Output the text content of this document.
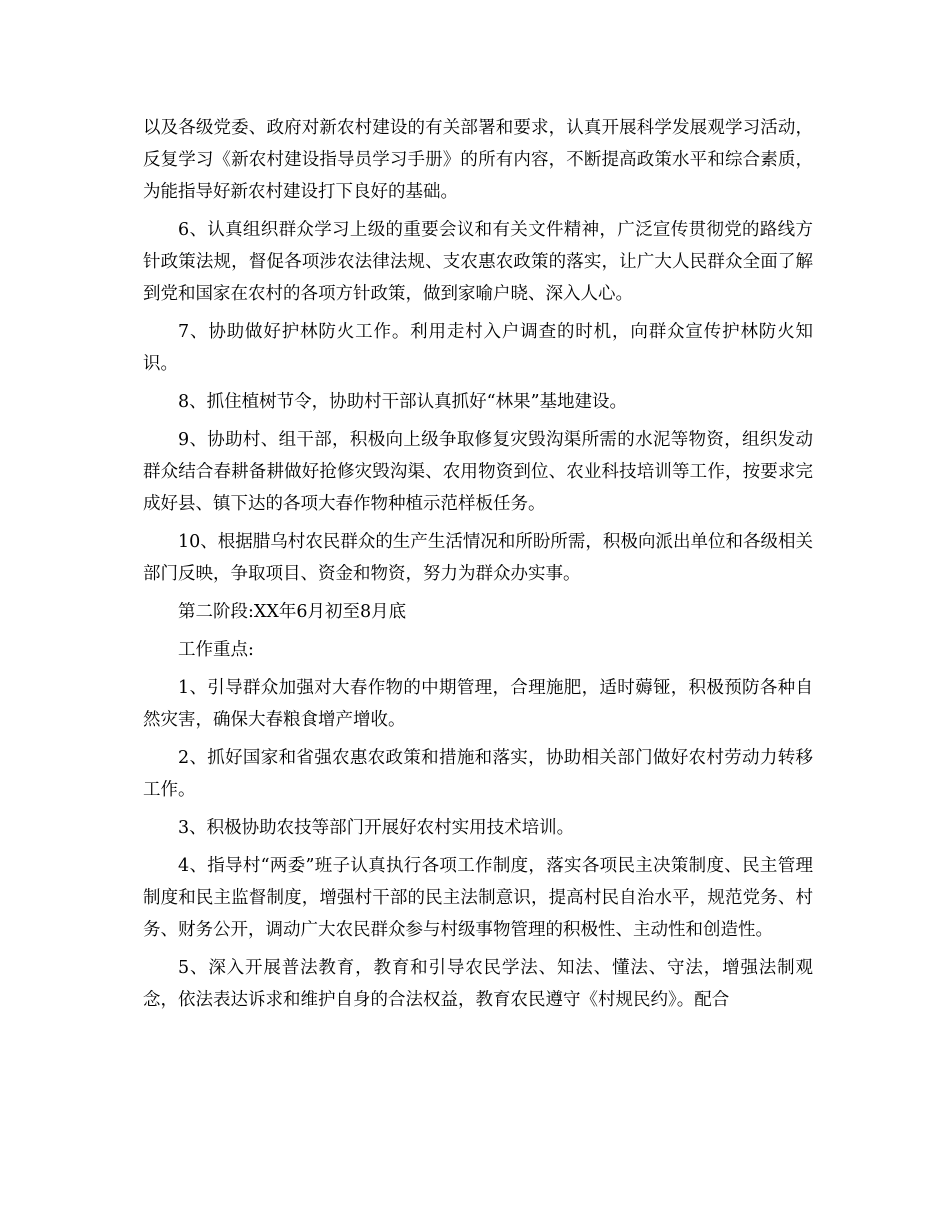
以及各级党委、政府对新农村建设的有关部署和要求，认真开展科学发展观学习活动，反复学习《新农村建设指导员学习手册》的所有内容，不断提高政策水平和综合素质，为能指导好新农村建设打下良好的基础。

6、认真组织群众学习上级的重要会议和有关文件精神，广泛宣传贯彻党的路线方针政策法规，督促各项涉农法律法规、支农惠农政策的落实，让广大人民群众全面了解到党和国家在农村的各项方针政策，做到家喻户晓、深入人心。

7、协助做好护林防火工作。利用走村入户调查的时机，向群众宣传护林防火知识。

8、抓住植树节令，协助村干部认真抓好“林果”基地建设。

9、协助村、组干部，积极向上级争取修复灾毁沟渠所需的水泥等物资，组织发动群众结合春耕备耕做好抢修灾毁沟渠、农用物资到位、农业科技培训等工作，按要求完成好县、镇下达的各项大春作物种植示范样板任务。

10、根据腊乌村农民群众的生产生活情况和所盼所需，积极向派出单位和各级相关部门反映，争取项目、资金和物资，努力为群众办实事。

第二阶段:XX年6月初至8月底

工作重点:

1、引导群众加强对大春作物的中期管理，合理施肥，适时薅铔，积极预防各种自然灾害，确保大春粮食增产增收。

2、抓好国家和省强农惠农政策和措施和落实，协助相关部门做好农村劳动力转移工作。

3、积极协助农技等部门开展好农村实用技术培训。

4、指导村“两委”班子认真执行各项工作制度，落实各项民主决策制度、民主管理制度和民主监督制度，增强村干部的民主法制意识，提高村民自治水平，规范党务、村务、财务公开，调动广大农民群众参与村级事物管理的积极性、主动性和创造性。

5、深入开展普法教育，教育和引导农民学法、知法、懂法、守法，增强法制观念，依法表达诉求和维护自身的合法权益，教育农民遵守《村规民约》。配合
